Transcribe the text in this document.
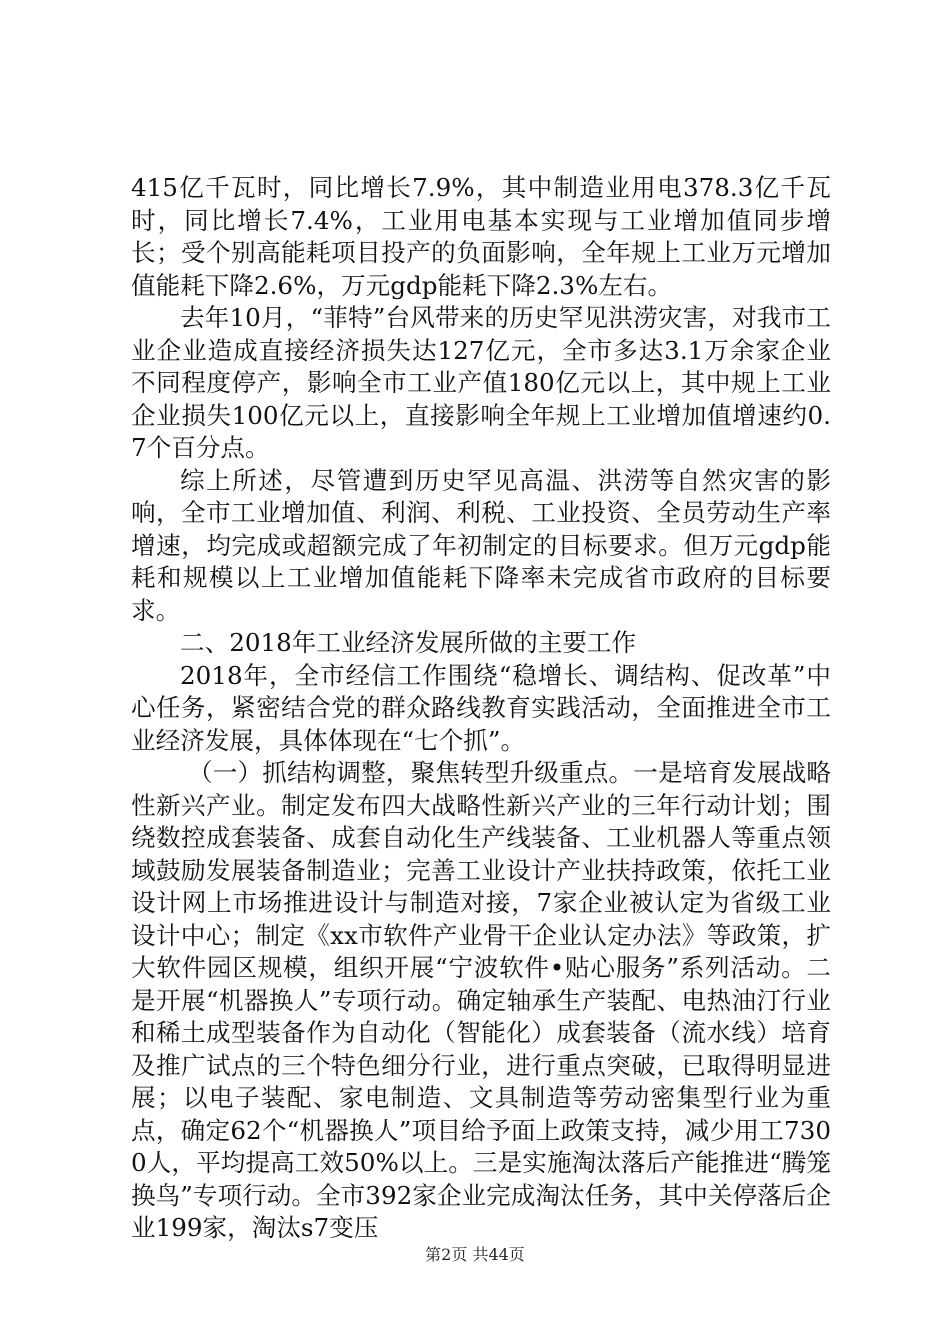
415亿千瓦时，同比增长7.9%，其中制造业用电378.3亿千瓦时，同比增长7.4%，工业用电基本实现与工业增加值同步增长；受个别高能耗项目投产的负面影响，全年规上工业万元增加值能耗下降2.6%，万元gdp能耗下降2.3%左右。

去年10月，“菲特”台风带来的历史罕见洪涝灾害，对我市工业企业造成直接经济损失达127亿元，全市多达3.1万余家企业不同程度停产，影响全市工业产值180亿元以上，其中规上工业企业损失100亿元以上，直接影响全年规上工业增加值增速约0.7个百分点。

综上所述，尽管遭到历史罕见高温、洪涝等自然灾害的影响，全市工业增加值、利润、利税、工业投资、全员劳动生产率增速，均完成或超额完成了年初制定的目标要求。但万元gdp能耗和规模以上工业增加值能耗下降率未完成省市政府的目标要求。

二、2018年工业经济发展所做的主要工作

2018年，全市经信工作围绕“稳增长、调结构、促改革”中心任务，紧密结合党的群众路线教育实践活动，全面推进全市工业经济发展，具体体现在“七个抓”。

（一）抓结构调整，聚焦转型升级重点。一是培育发展战略性新兴产业。制定发布四大战略性新兴产业的三年行动计划；围绕数控成套装备、成套自动化生产线装备、工业机器人等重点领域鼓励发展装备制造业；完善工业设计产业扶持政策，依托工业设计网上市场推进设计与制造对接，7家企业被认定为省级工业设计中心；制定《xx市软件产业骨干企业认定办法》等政策，扩大软件园区规模，组织开展“宁波软件•贴心服务”系列活动。二是开展“机器换人”专项行动。确定轴承生产装配、电热油汀行业和稀土成型装备作为自动化（智能化）成套装备（流水线）培育及推广试点的三个特色细分行业，进行重点突破，已取得明显进展；以电子装配、家电制造、文具制造等劳动密集型行业为重点，确定62个“机器换人”项目给予面上政策支持，减少用工7300人，平均提高工效50%以上。三是实施淘汰落后产能推进“腾笼换鸟”专项行动。全市392家企业完成淘汰任务，其中关停落后企业199家，淘汰s7变压

第2页 共44页
